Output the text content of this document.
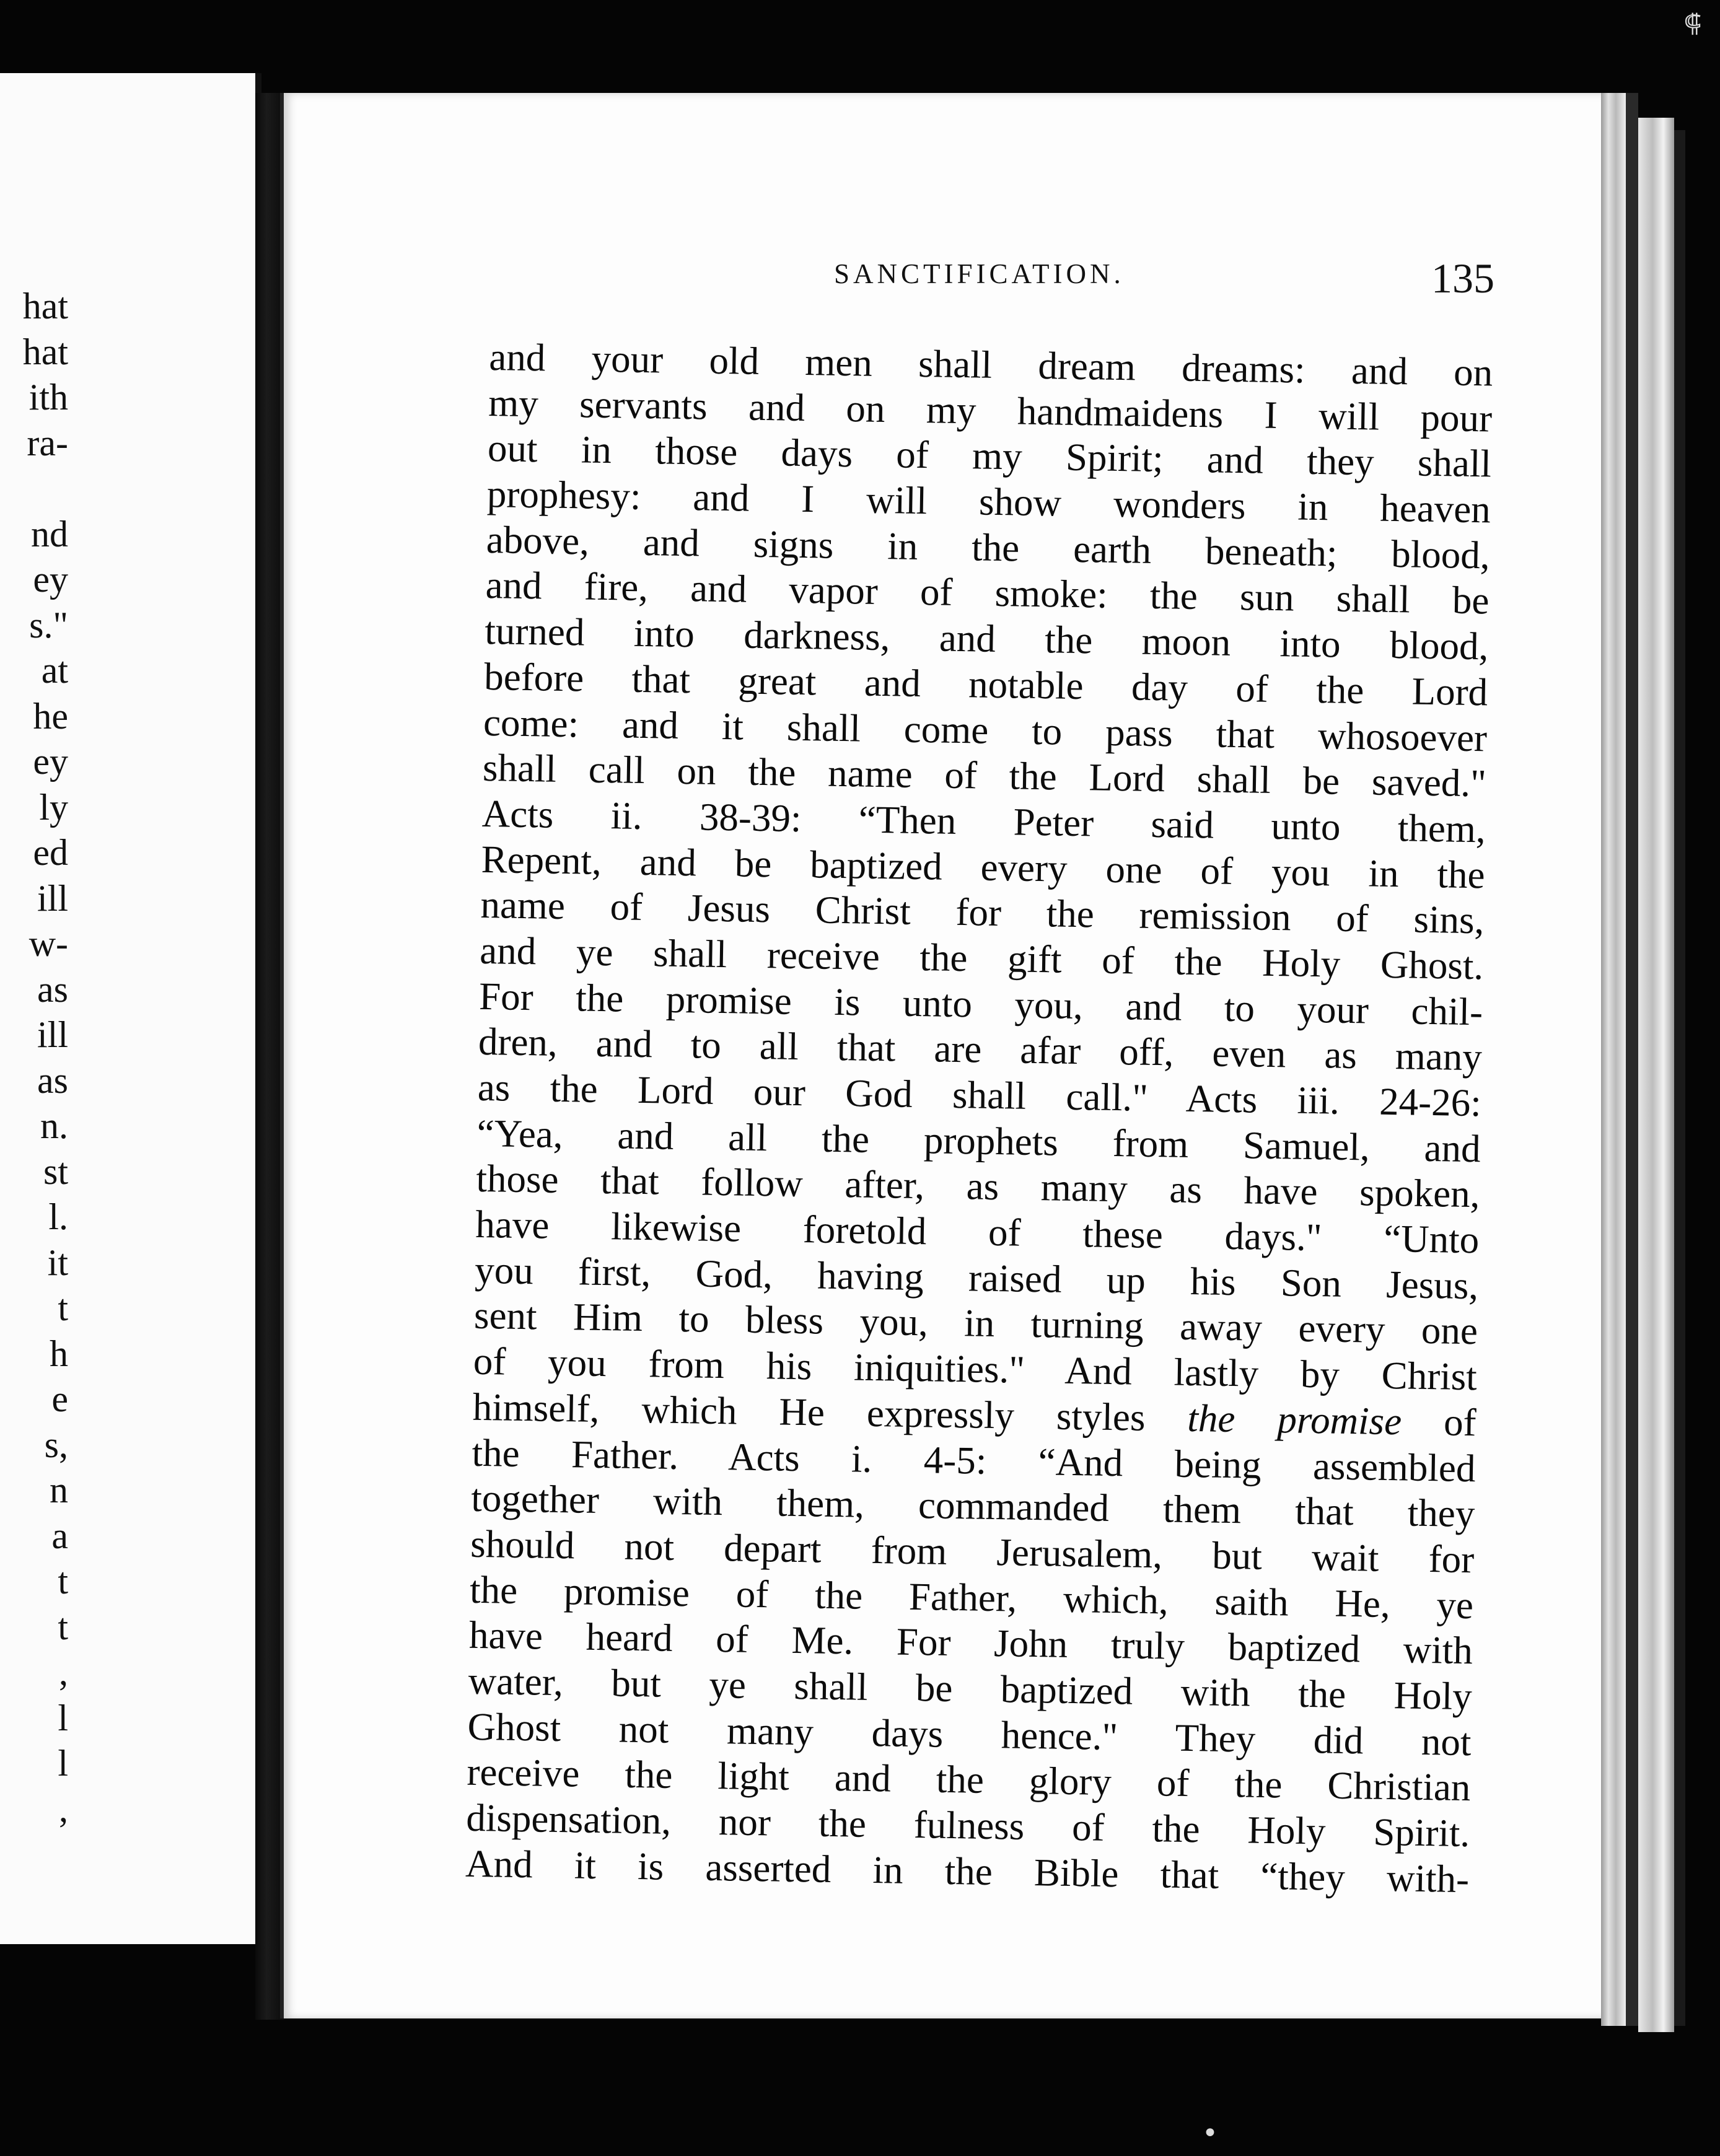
⸿
hat
hat
ith
ra-
nd
ey
s."
at
he
ey
ly
ed
ill
w-
as
ill
as
n.
st
l.
it
t
h
e
s,
n
a
t
t
,
l
l
,
SANCTIFICATION.	135
and your old men shall dream dreams: and on
my servants and on my handmaidens I will pour
out in those days of my Spirit; and they shall
prophesy: and I will show wonders in heaven
above, and signs in the earth beneath; blood,
and fire, and vapor of smoke: the sun shall be
turned into darkness, and the moon into blood,
before that great and notable day of the Lord
come: and it shall come to pass that whosoever
shall call on the name of the Lord shall be saved."
Acts ii. 38-39: “Then Peter said unto them,
Repent, and be baptized every one of you in the
name of Jesus Christ for the remission of sins,
and ye shall receive the gift of the Holy Ghost.
For the promise is unto you, and to your chil-
dren, and to all that are afar off, even as many
as the Lord our God shall call." Acts iii. 24-26:
“Yea, and all the prophets from Samuel, and
those that follow after, as many as have spoken,
have likewise foretold of these days." “Unto
you first, God, having raised up his Son Jesus,
sent Him to bless you, in turning away every one
of you from his iniquities." And lastly by Christ
himself, which He expressly styles the promise of
the Father. Acts i. 4-5: “And being assembled
together with them, commanded them that they
should not depart from Jerusalem, but wait for
the promise of the Father, which, saith He, ye
have heard of Me. For John truly baptized with
water, but ye shall be baptized with the Holy
Ghost not many days hence." They did not
receive the light and the glory of the Christian
dispensation, nor the fulness of the Holy Spirit.
And it is asserted in the Bible that “they with-
•
